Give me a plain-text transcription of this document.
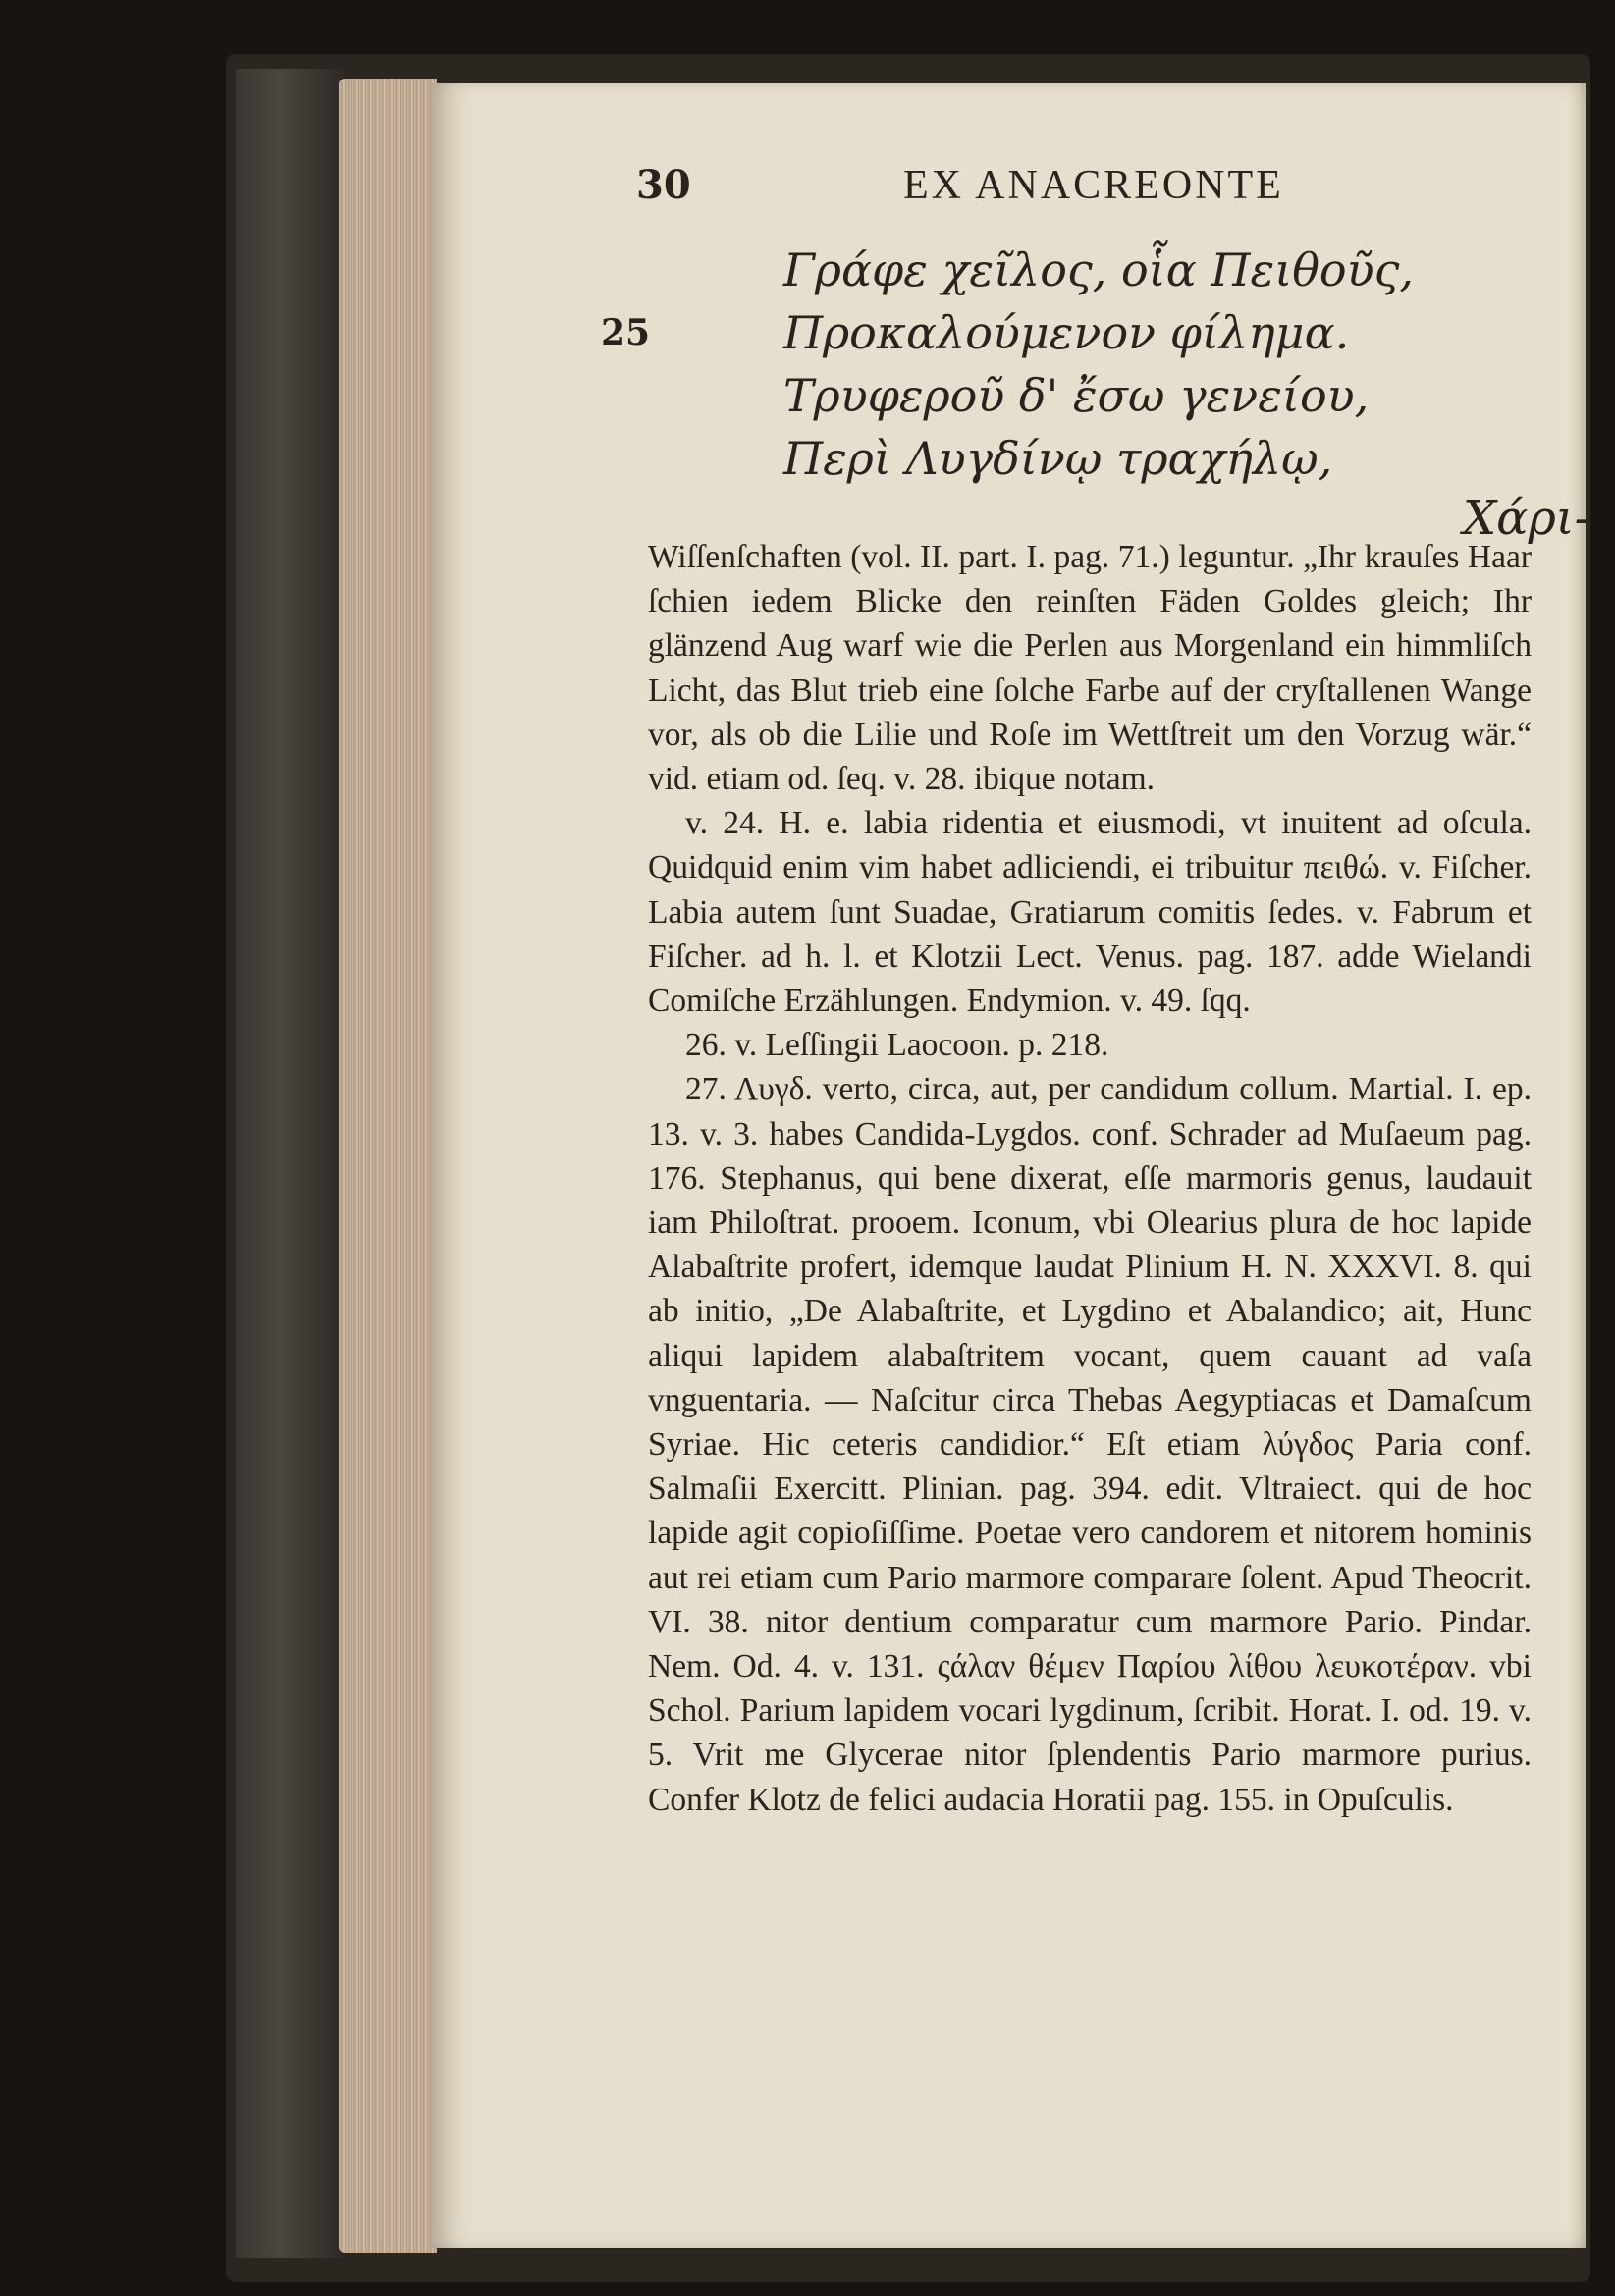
30	EX ANACREONTE
25
Γράφε χεῖλος, οἷα Πειθοῦς,
Προκαλούμενον φίλημα.
Τρυφεροῦ δ' ἔσω γενείου,
Περὶ Λυγδίνῳ τραχήλῳ,
Χάρι-

Wiſſenſchaften (vol. II. part. I. pag. 71.) leguntur. „Ihr krauſes Haar ſchien iedem Blicke den reinſten Fäden Goldes gleich; Ihr glänzend Aug warf wie die Perlen aus Morgenland ein himmliſch Licht, das Blut trieb eine ſolche Farbe auf der cryſtallenen Wange vor, als ob die Lilie und Roſe im Wettſtreit um den Vorzug wär.“ vid. etiam od. ſeq. v. 28. ibique notam.

v. 24. H. e. labia ridentia et eiusmodi, vt inuitent ad oſcula. Quidquid enim vim habet adliciendi, ei tribuitur πειθώ. v. Fiſcher. Labia autem ſunt Suadae, Gratiarum comitis ſedes. v. Fabrum et Fiſcher. ad h. l. et Klotzii Lect. Venus. pag. 187. adde Wielandi Comiſche Erzählungen. Endymion. v. 49. ſqq.

26. v. Leſſingii Laocoon. p. 218.

27. Λυγδ. verto, circa, aut, per candidum collum. Martial. I. ep. 13. v. 3. habes Candida-Lygdos. conf. Schrader ad Muſaeum pag. 176. Stephanus, qui bene dixerat, eſſe marmoris genus, laudauit iam Philoſtrat. prooem. Iconum, vbi Olearius plura de hoc lapide Alabaſtrite profert, idemque laudat Plinium H. N. XXXVI. 8. qui ab initio, „De Alabaſtrite, et Lygdino et Abalandico; ait, Hunc aliqui lapidem alabaſtritem vocant, quem cauant ad vaſa vnguentaria. — Naſcitur circa Thebas Aegyptiacas et Damaſcum Syriae. Hic ceteris candidior.“ Eſt etiam λύγδος Paria conf. Salmaſii Exercitt. Plinian. pag. 394. edit. Vltraiect. qui de hoc lapide agit copioſiſſime. Poetae vero candorem et nitorem hominis aut rei etiam cum Pario marmore comparare ſolent. Apud Theocrit. VI. 38. nitor dentium comparatur cum marmore Pario. Pindar. Nem. Od. 4. v. 131. ςάλαν θέμεν Παρίου λίθου λευκοτέραν. vbi Schol. Parium lapidem vocari lygdinum, ſcribit. Horat. I. od. 19. v. 5. Vrit me Glycerae nitor ſplendentis Pario marmore purius. Confer Klotz de felici audacia Horatii pag. 155. in Opuſculis.
